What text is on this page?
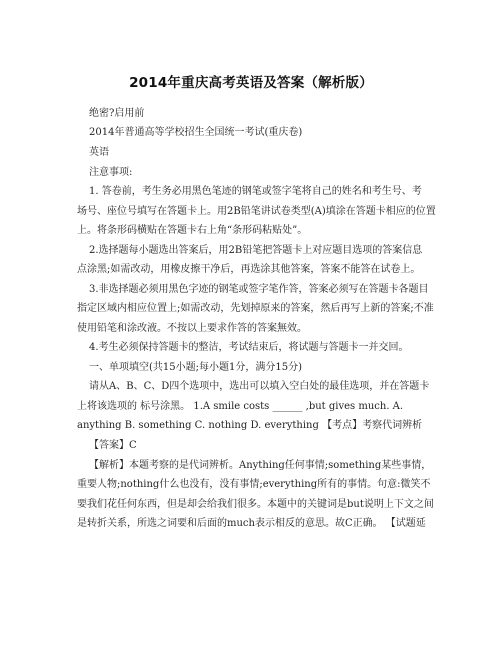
2014年重庆高考英语及答案（解析版）
绝密?启用前
2014年普通高等学校招生全国统一考试(重庆卷)
英语
注意事项:
1. 答卷前，考生务必用黑色笔迹的钢笔或签字笔将自己的姓名和考生号、考
场号、座位号填写在答题卡上。用2B铅笔讲试卷类型(A)填涂在答题卡相应的位置
上。将条形码横贴在答题卡右上角“条形码粘贴处”。
2.选择题每小题选出答案后，用2B铅笔把答题卡上对应题目选项的答案信息
点涂黑;如需改动，用橡皮擦干净后，再选涂其他答案，答案不能答在试卷上。
3.非选择题必须用黑色字迹的钢笔或签字笔作答，答案必须写在答题卡各题目
指定区域内相应位置上;如需改动，先划掉原来的答案，然后再写上新的答案;不准
使用铅笔和涂改液。不按以上要求作答的答案無效。
4.考生必须保持答题卡的整洁，考试结束后，将试题与答题卡一并交回。
一、单项填空(共15小题;每小题1分，满分15分)
请从A、B、C、D四个选项中，选出可以填入空白处的最佳选项，并在答题卡
上将该选项的 标号涂黑。 1.A smile costs ______ ,but gives much. A.
anything B. something C. nothing D. everything 【考点】考察代词辨析
【答案】C
【解析】本题考察的是代词辨析。Anything任何事情;something某些事情，
重要人物;nothing什么也没有，没有事情;everything所有的事情。句意:微笑不
要我们花任何东西，但是却会给我们很多。本题中的关键词是but说明上下文之间
是转折关系，所选之词要和后面的much表示相反的意思。故C正确。 【试题延
